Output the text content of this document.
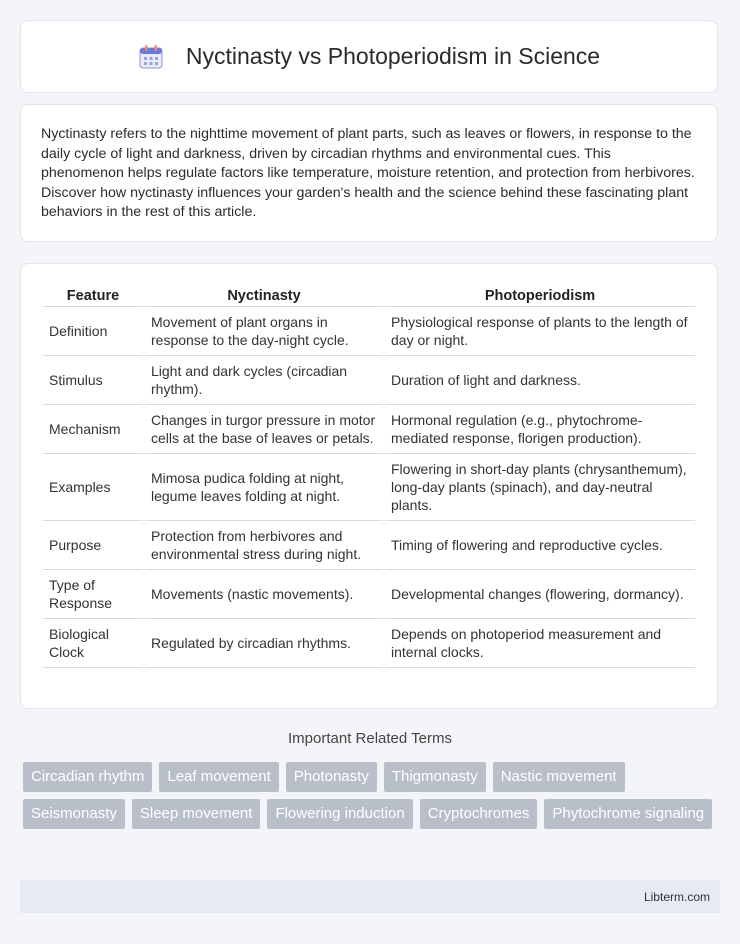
Nyctinasty vs Photoperiodism in Science

Nyctinasty refers to the nighttime movement of plant parts, such as leaves or flowers, in response to the daily cycle of light and darkness, driven by circadian rhythms and environmental cues. This phenomenon helps regulate factors like temperature, moisture retention, and protection from herbivores. Discover how nyctinasty influences your garden's health and the science behind these fascinating plant behaviors in the rest of this article.

Feature	Nyctinasty	Photoperiodism
Definition	Movement of plant organs in response to the day-night cycle.	Physiological response of plants to the length of day or night.
Stimulus	Light and dark cycles (circadian rhythm).	Duration of light and darkness.
Mechanism	Changes in turgor pressure in motor cells at the base of leaves or petals.	Hormonal regulation (e.g., phytochrome-mediated response, florigen production).
Examples	Mimosa pudica folding at night, legume leaves folding at night.	Flowering in short-day plants (chrysanthemum), long-day plants (spinach), and day-neutral plants.
Purpose	Protection from herbivores and environmental stress during night.	Timing of flowering and reproductive cycles.
Type of Response	Movements (nastic movements).	Developmental changes (flowering, dormancy).
Biological Clock	Regulated by circadian rhythms.	Depends on photoperiod measurement and internal clocks.
Important Related Terms
Circadian rhythm	Leaf movement	Photonasty	Thigmonasty	Nastic movement
Seismonasty	Sleep movement	Flowering induction	Cryptochromes	Phytochrome signaling
Libterm.com
